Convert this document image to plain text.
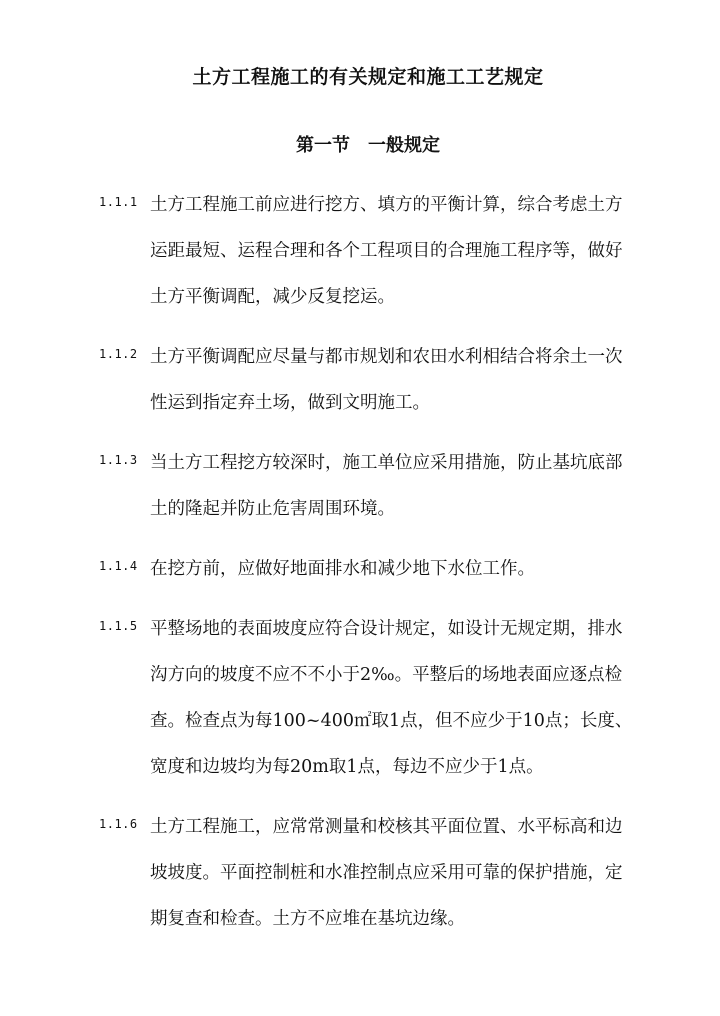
土方工程施工的有关规定和施工工艺规定
第一节　一般规定
1.1.1 土方工程施工前应进行挖方、填方的平衡计算，综合考虑土方运距最短、运程合理和各个工程项目的合理施工程序等，做好土方平衡调配，减少反复挖运。
1.1.2 土方平衡调配应尽量与都市规划和农田水利相结合将余土一次性运到指定弃土场，做到文明施工。
1.1.3 当土方工程挖方较深时，施工单位应采用措施，防止基坑底部土的隆起并防止危害周围环境。
1.1.4 在挖方前，应做好地面排水和减少地下水位工作。
1.1.5 平整场地的表面坡度应符合设计规定，如设计无规定期，排水沟方向的坡度不应不不小于2‰。平整后的场地表面应逐点检查。检查点为每100~400㎡取1点，但不应少于10点；长度、宽度和边坡均为每20m取1点，每边不应少于1点。
1.1.6 土方工程施工，应常常测量和校核其平面位置、水平标高和边坡坡度。平面控制桩和水准控制点应采用可靠的保护措施，定期复查和检查。土方不应堆在基坑边缘。
